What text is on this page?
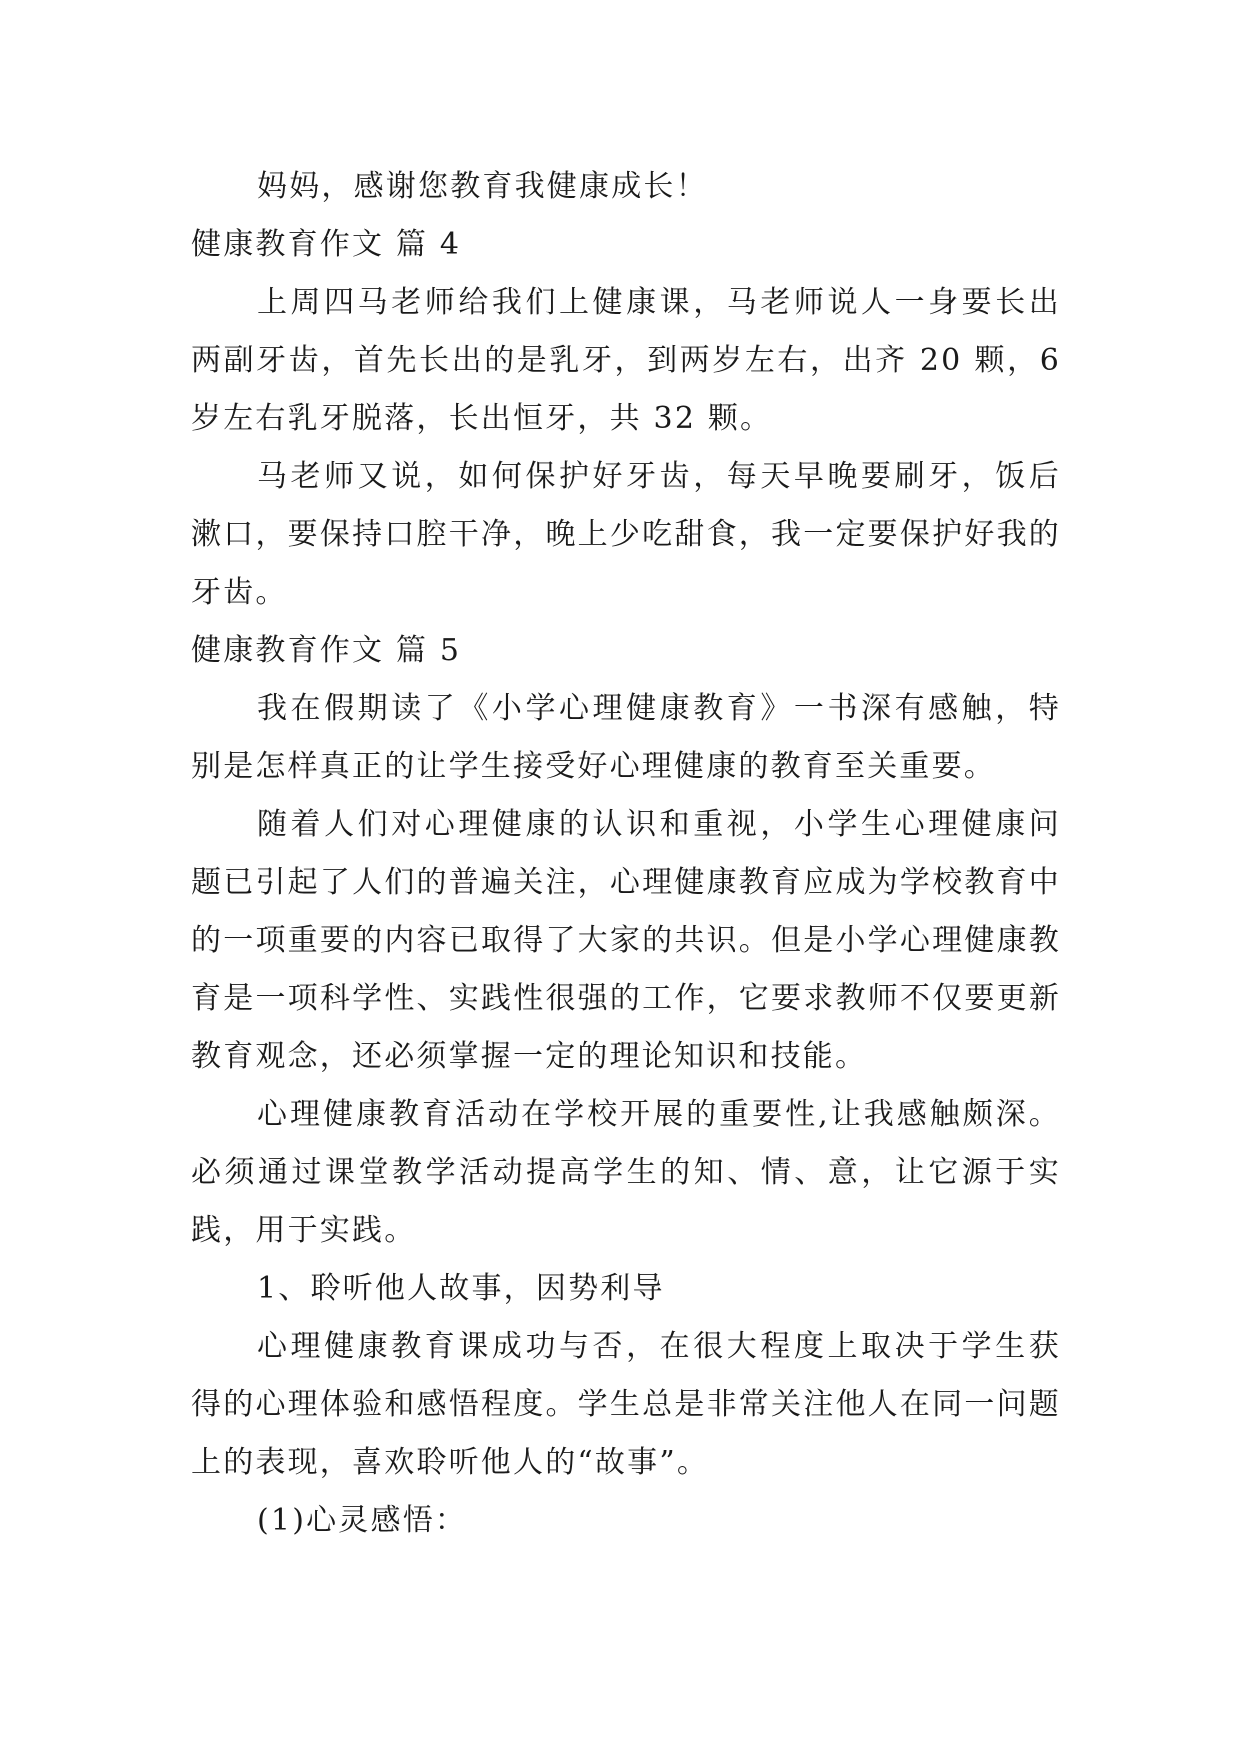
妈妈，感谢您教育我健康成长！

健康教育作文 篇 4

上周四马老师给我们上健康课，马老师说人一身要长出两副牙齿，首先长出的是乳牙，到两岁左右，出齐 20 颗，6 岁左右乳牙脱落，长出恒牙，共 32 颗。

马老师又说，如何保护好牙齿，每天早晚要刷牙，饭后漱口，要保持口腔干净，晚上少吃甜食，我一定要保护好我的牙齿。

健康教育作文 篇 5

我在假期读了《小学心理健康教育》一书深有感触，特别是怎样真正的让学生接受好心理健康的教育至关重要。

随着人们对心理健康的认识和重视，小学生心理健康问题已引起了人们的普遍关注，心理健康教育应成为学校教育中的一项重要的内容已取得了大家的共识。但是小学心理健康教育是一项科学性、实践性很强的工作，它要求教师不仅要更新教育观念，还必须掌握一定的理论知识和技能。

心理健康教育活动在学校开展的重要性,让我感触颇深。必须通过课堂教学活动提高学生的知、情、意，让它源于实践，用于实践。

1、聆听他人故事，因势利导

心理健康教育课成功与否，在很大程度上取决于学生获得的心理体验和感悟程度。学生总是非常关注他人在同一问题上的表现，喜欢聆听他人的“故事”。

(1)心灵感悟：
